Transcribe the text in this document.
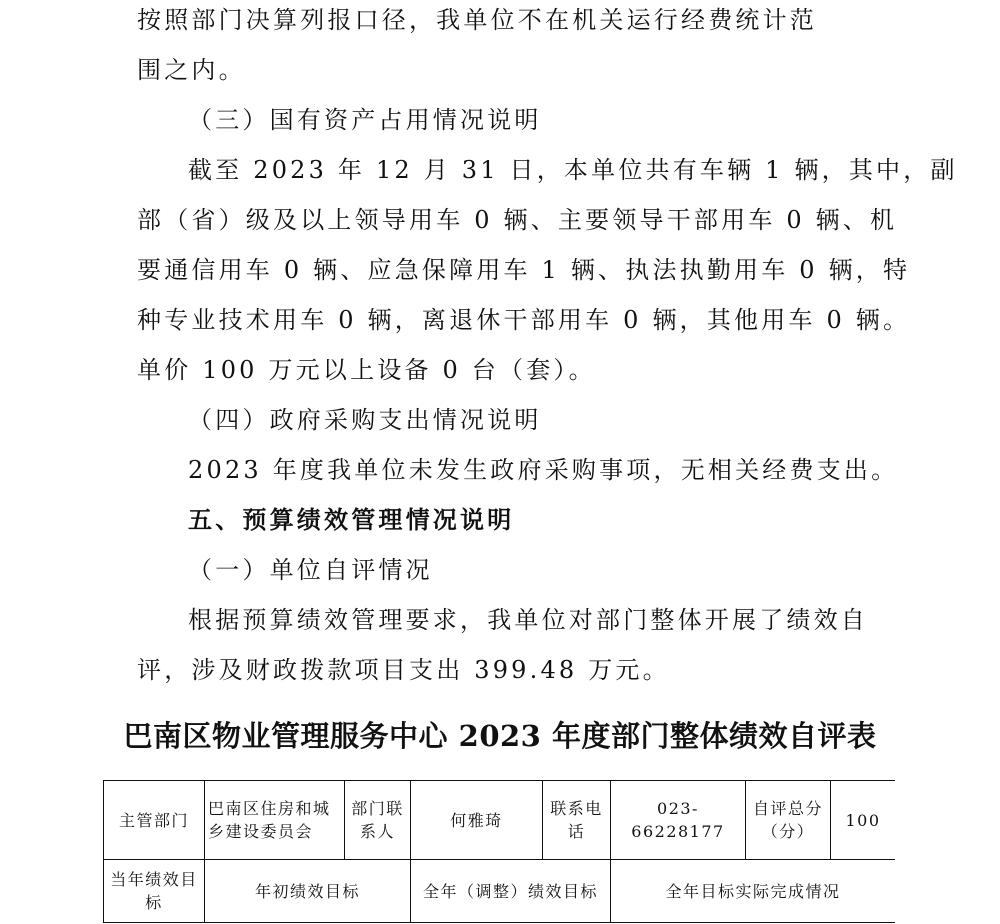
按照部门决算列报口径，我单位不在机关运行经费统计范
围之内。
（三）国有资产占用情况说明
截至 2023 年 12 月 31 日，本单位共有车辆 1 辆，其中，副
部（省）级及以上领导用车 0 辆、主要领导干部用车 0 辆、机
要通信用车 0 辆、应急保障用车 1 辆、执法执勤用车 0 辆，特
种专业技术用车 0 辆，离退休干部用车 0 辆，其他用车 0 辆。
单价 100 万元以上设备 0 台（套）。
（四）政府采购支出情况说明
2023 年度我单位未发生政府采购事项，无相关经费支出。
五、预算绩效管理情况说明
（一）单位自评情况
根据预算绩效管理要求，我单位对部门整体开展了绩效自
评，涉及财政拨款项目支出 399.48 万元。
巴南区物业管理服务中心 2023 年度部门整体绩效自评表
主管部门	巴南区住房和城乡建设委员会	部门联系人	何雅琦	联系电话	023-66228177	自评总分（分）	100
当年绩效目标	年初绩效目标		全年（调整）绩效目标		全年目标实际完成情况		
